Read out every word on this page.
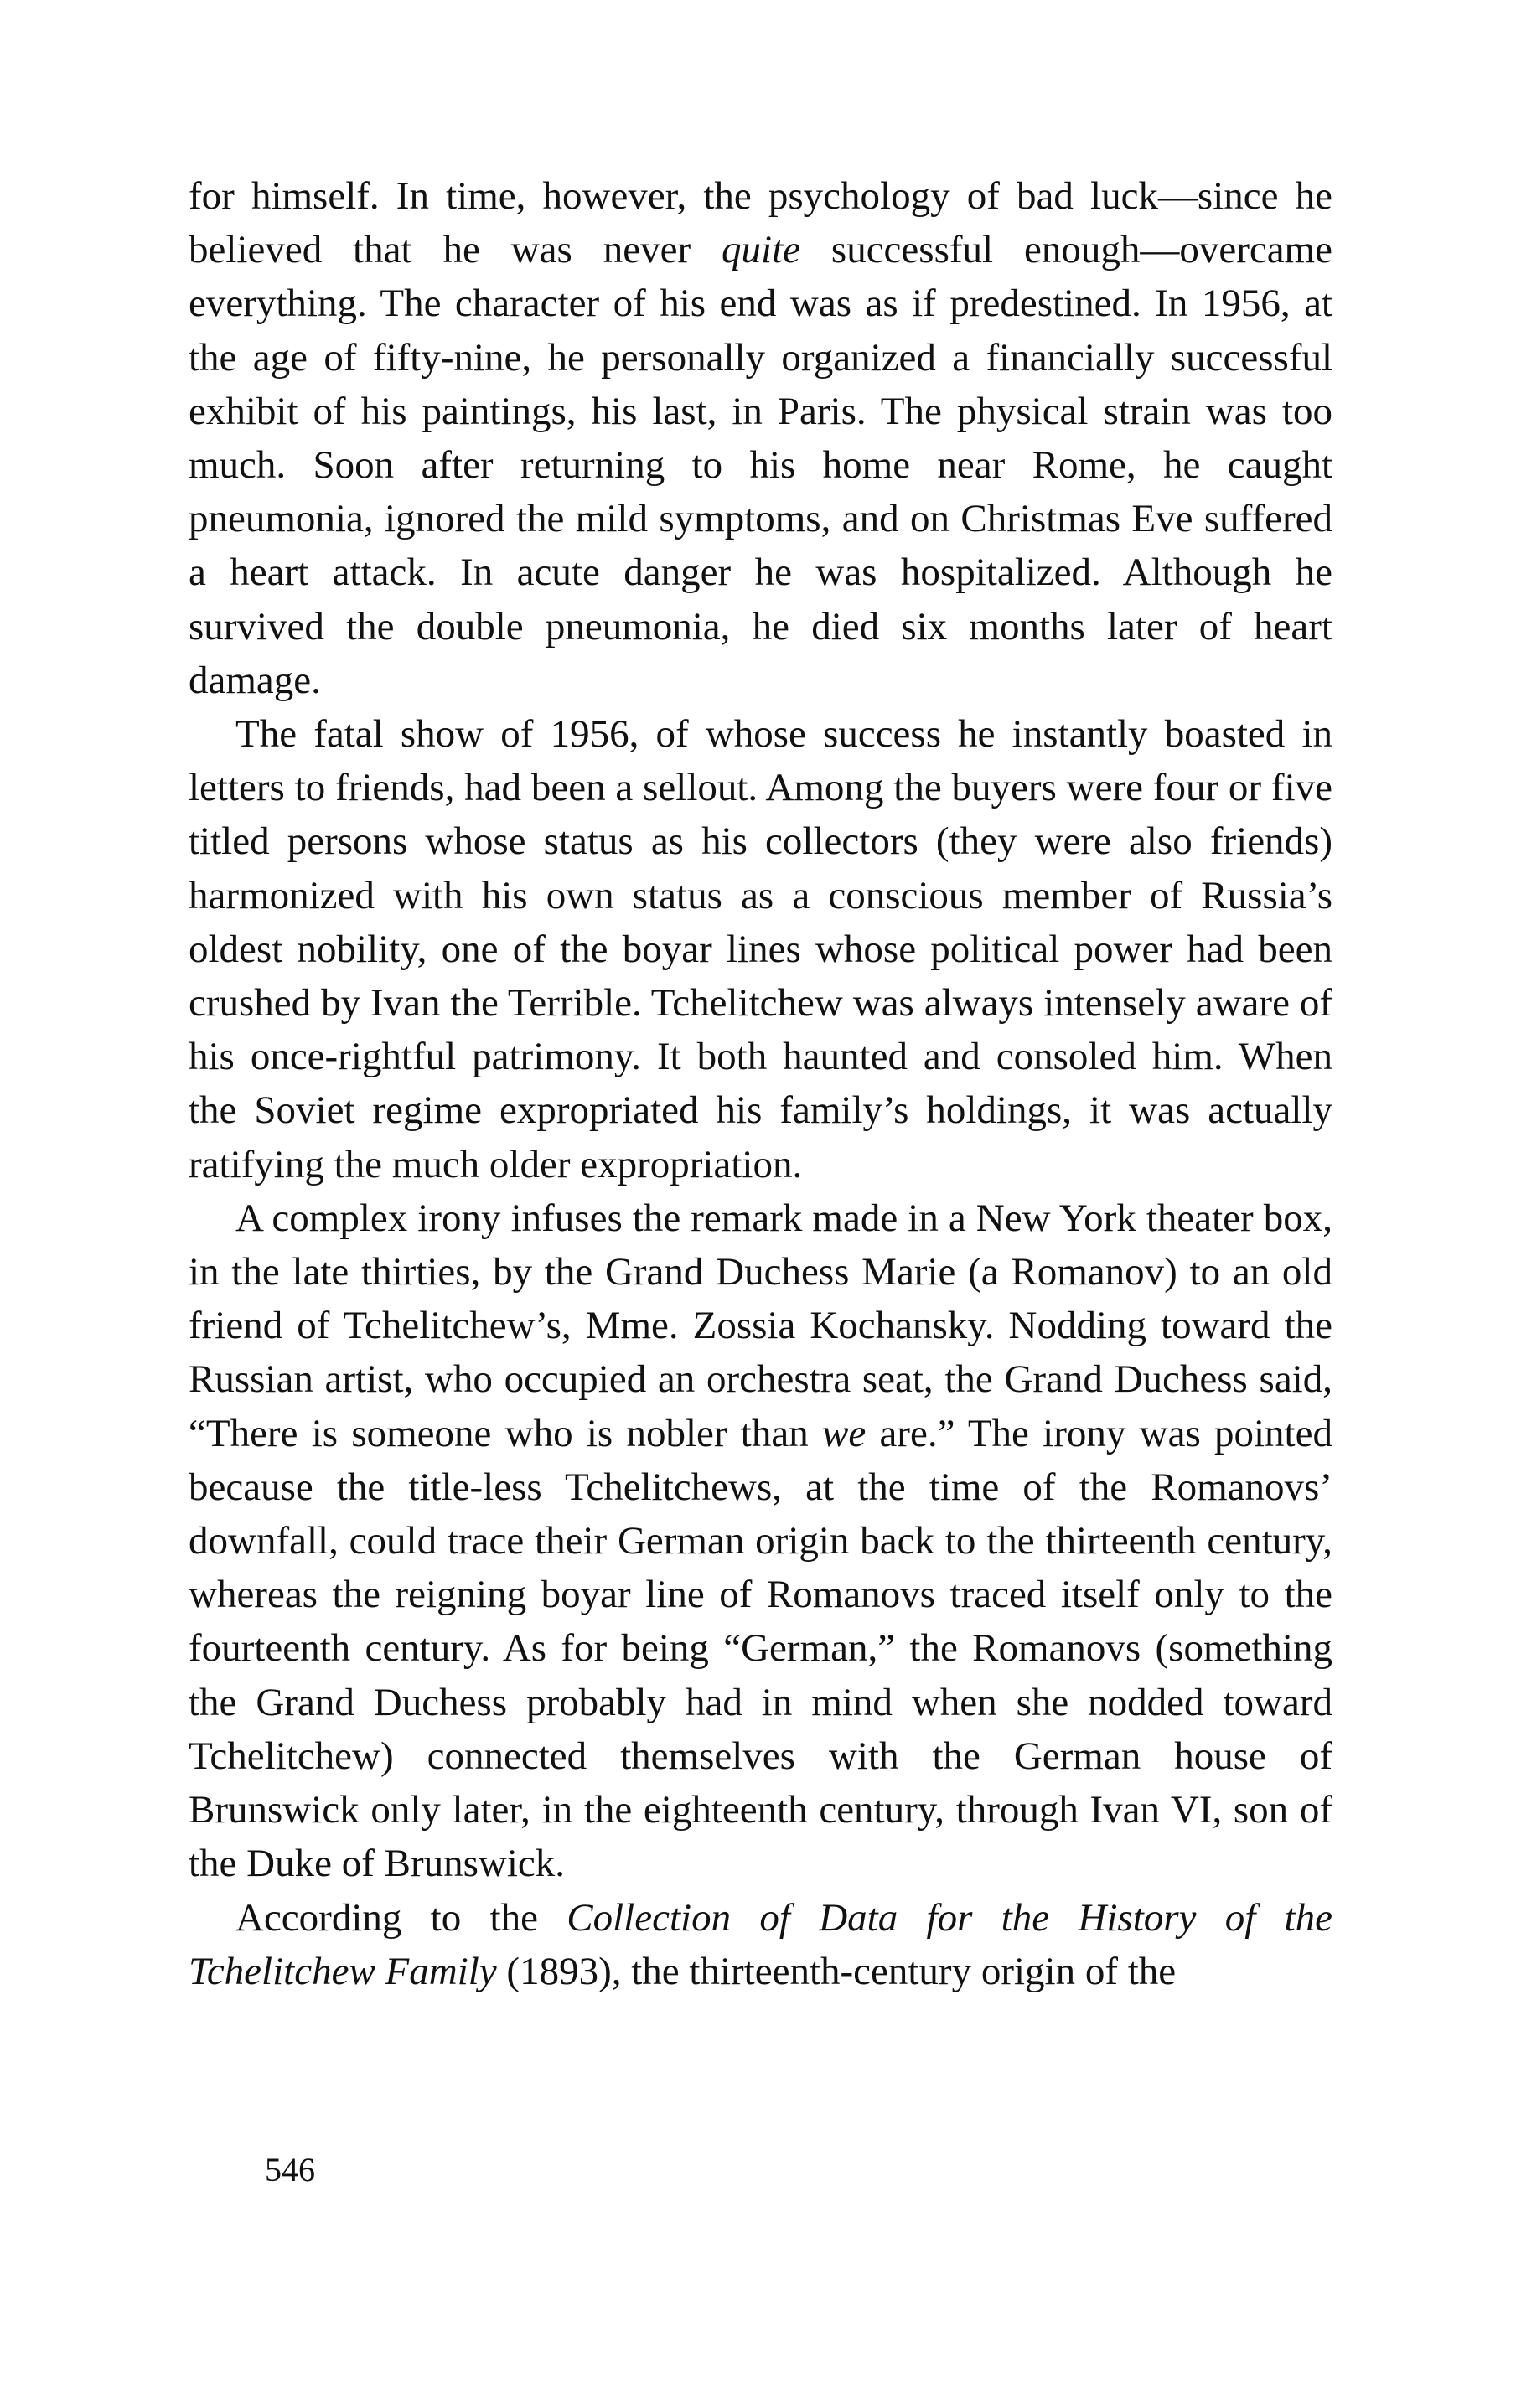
for himself. In time, however, the psychology of bad luck—since he believed that he was never quite successful enough—overcame everything. The character of his end was as if predestined. In 1956, at the age of fifty-nine, he personally organized a financially successful exhibit of his paintings, his last, in Paris. The physical strain was too much. Soon after returning to his home near Rome, he caught pneumonia, ignored the mild symptoms, and on Christmas Eve suffered a heart attack. In acute danger he was hospitalized. Although he survived the double pneumonia, he died six months later of heart damage.

The fatal show of 1956, of whose success he instantly boasted in letters to friends, had been a sellout. Among the buyers were four or five titled persons whose status as his collectors (they were also friends) harmonized with his own status as a conscious member of Russia’s oldest nobility, one of the boyar lines whose political power had been crushed by Ivan the Terrible. Tchelitchew was always intensely aware of his once-rightful patrimony. It both haunted and consoled him. When the Soviet regime expropriated his family’s holdings, it was actually ratifying the much older expropriation.

A complex irony infuses the remark made in a New York theater box, in the late thirties, by the Grand Duchess Marie (a Romanov) to an old friend of Tchelitchew’s, Mme. Zossia Kochansky. Nodding toward the Russian artist, who occupied an orchestra seat, the Grand Duchess said, “There is someone who is nobler than we are.” The irony was pointed because the title-less Tchelitchews, at the time of the Romanovs’ downfall, could trace their German origin back to the thirteenth century, whereas the reigning boyar line of Romanovs traced itself only to the fourteenth century. As for being “German,” the Romanovs (something the Grand Duchess probably had in mind when she nodded toward Tchelitchew) connected themselves with the German house of Brunswick only later, in the eighteenth century, through Ivan VI, son of the Duke of Brunswick.

According to the Collection of Data for the History of the Tchelitchew Family (1893), the thirteenth-century origin of the

546
